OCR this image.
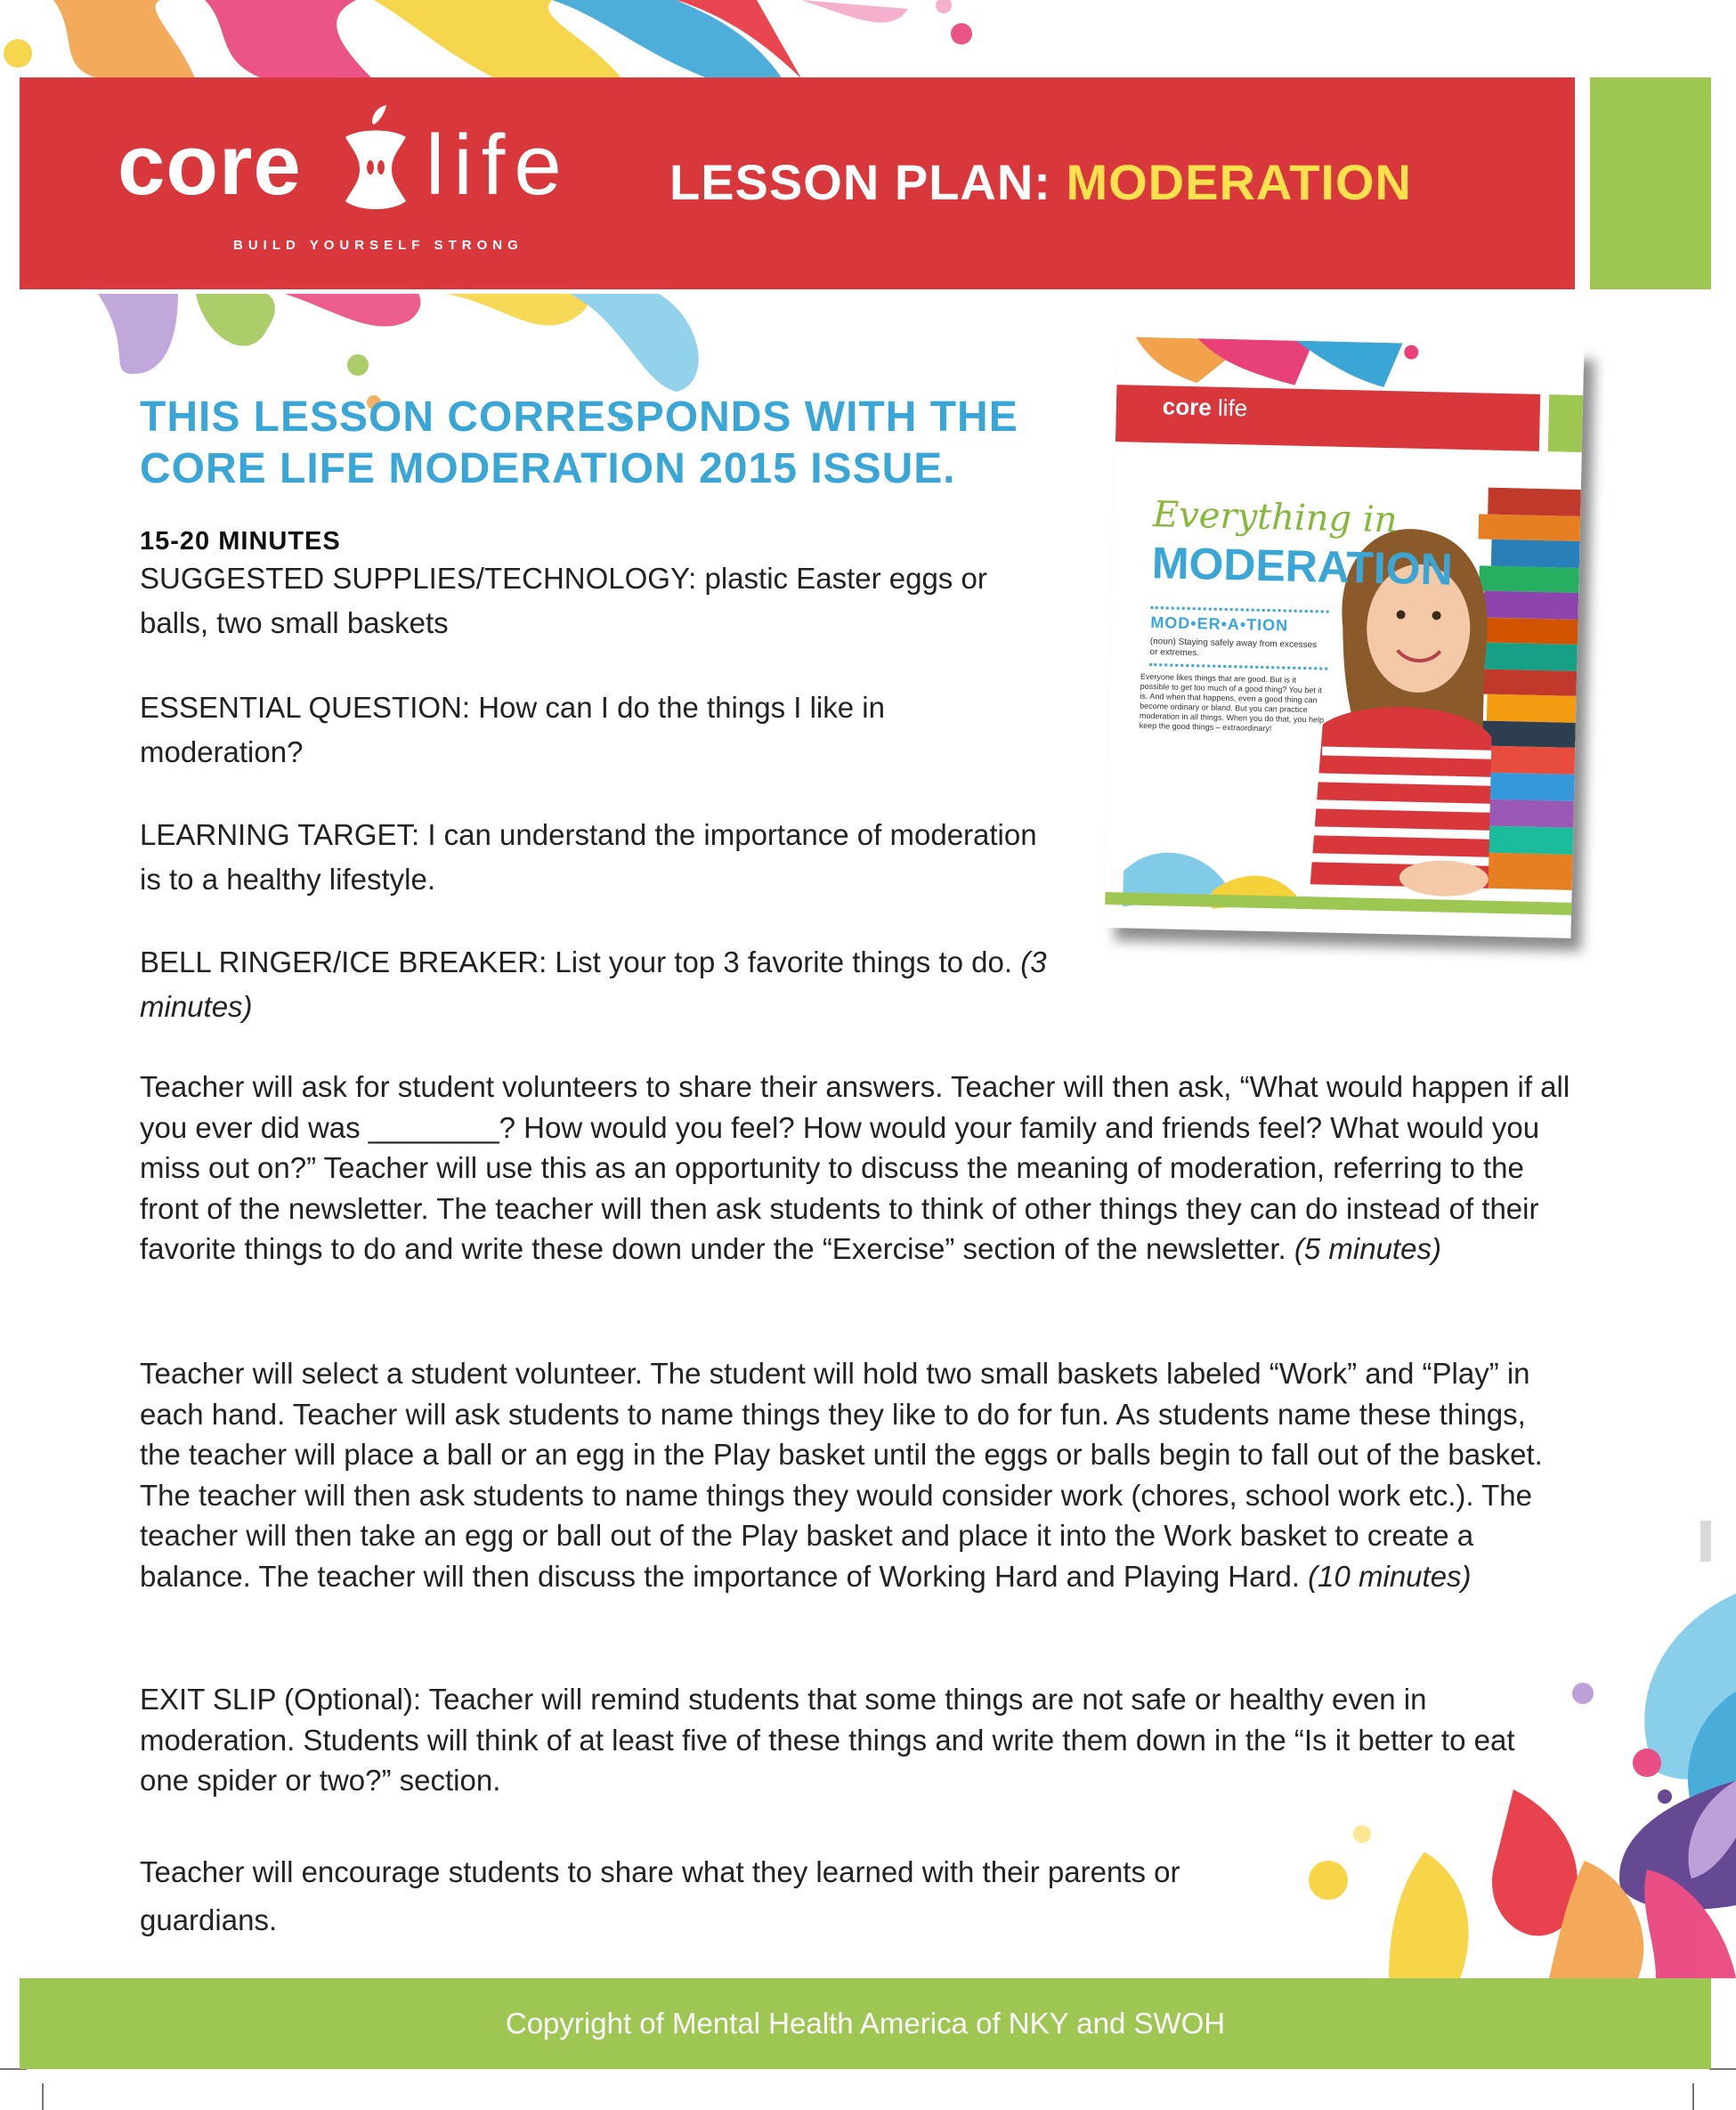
core life
BUILD YOURSELF STRONG
LESSON PLAN: MODERATION
THIS LESSON CORRESPONDS WITH THE
CORE LIFE MODERATION 2015 ISSUE.
15-20 MINUTES
SUGGESTED SUPPLIES/TECHNOLOGY: plastic Easter eggs or balls, two small baskets
ESSENTIAL QUESTION: How can I do the things I like in moderation?
LEARNING TARGET: I can understand the importance of moderation is to a healthy lifestyle.
BELL RINGER/ICE BREAKER: List your top 3 favorite things to do. (3 minutes)
Teacher will ask for student volunteers to share their answers. Teacher will then ask, “What would happen if all you ever did was ________? How would you feel? How would your family and friends feel? What would you miss out on?” Teacher will use this as an opportunity to discuss the meaning of moderation, referring to the front of the newsletter. The teacher will then ask students to think of other things they can do instead of their favorite things to do and write these down under the “Exercise” section of the newsletter. (5 minutes)
Teacher will select a student volunteer. The student will hold two small baskets labeled “Work” and “Play” in each hand. Teacher will ask students to name things they like to do for fun. As students name these things, the teacher will place a ball or an egg in the Play basket until the eggs or balls begin to fall out of the basket. The teacher will then ask students to name things they would consider work (chores, school work etc.). The teacher will then take an egg or ball out of the Play basket and place it into the Work basket to create a balance. The teacher will then discuss the importance of Working Hard and Playing Hard. (10 minutes)
EXIT SLIP (Optional): Teacher will remind students that some things are not safe or healthy even in moderation. Students will think of at least five of these things and write them down in the “Is it better to eat one spider or two?” section.
Teacher will encourage students to share what they learned with their parents or guardians.
core life
Everything in
MODERATION
MOD•ER•A•TION
(noun) Staying safely away from excesses or extremes.
Everyone likes things that are good. But is it possible to get too much of a good thing? You bet it is. And when that happens, even a good thing can become ordinary or bland. But you can practice moderation in all things. When you do that, you help keep the good things – extraordinary!
Copyright of Mental Health America of NKY and SWOH
